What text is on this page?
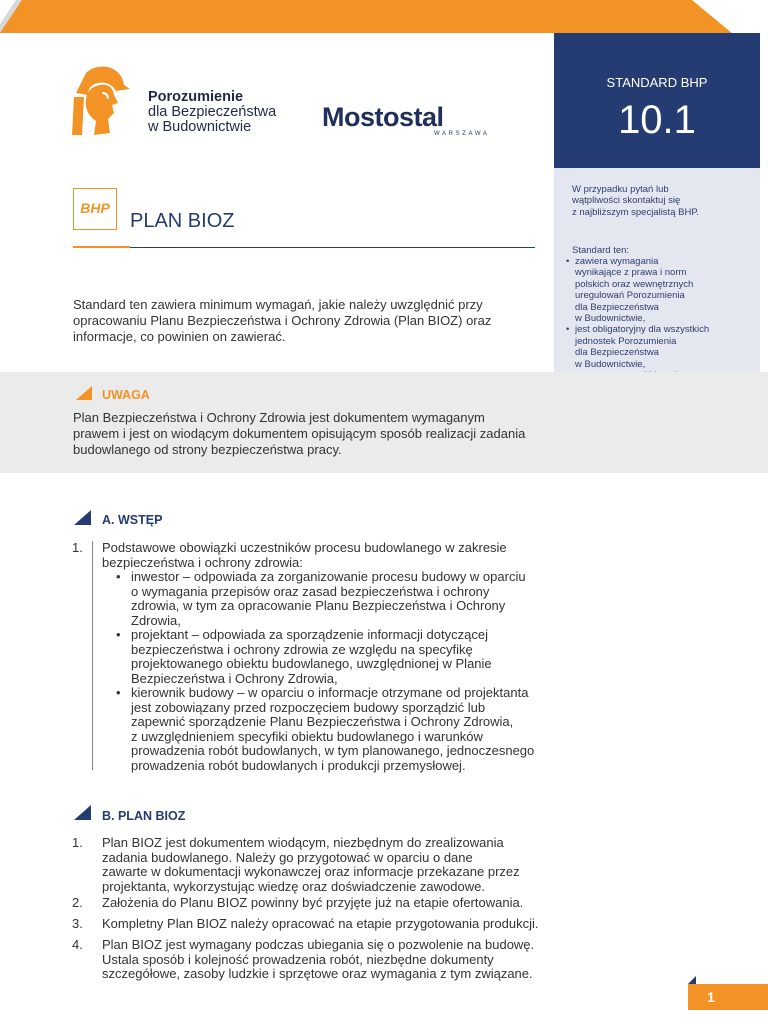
Porozumienie
dla Bezpieczeństwa
w Budownictwie	Mostostal
WARSZAWA
STANDARD BHP
10.1
W przypadku pytań lub
wątpliwości skontaktuj się
z najbliższym specjalistą BHP.
Standard ten:
• zawiera wymagania
wynikające z prawa i norm
polskich oraz wewnętrznych
uregulowań Porozumienia
dla Bezpieczeństwa
w Budownictwie,
• jest obligatoryjny dla wszystkich
jednostek Porozumienia
dla Bezpieczeństwa
w Budownictwie,
•
BHP
PLAN BIOZ
Standard ten zawiera minimum wymagań, jakie należy uwzględnić przy
opracowaniu Planu Bezpieczeństwa i Ochrony Zdrowia (Plan BIOZ) oraz
informacje, co powinien on zawierać.
UWAGA
Plan Bezpieczeństwa i Ochrony Zdrowia jest dokumentem wymaganym
prawem i jest on wiodącym dokumentem opisującym sposób realizacji zadania
budowlanego od strony bezpieczeństwa pracy.
A. WSTĘP
1. Podstawowe obowiązki uczestników procesu budowlanego w zakresie
bezpieczeństwa i ochrony zdrowia:
• inwestor – odpowiada za zorganizowanie procesu budowy w oparciu
o wymagania przepisów oraz zasad bezpieczeństwa i ochrony
zdrowia, w tym za opracowanie Planu Bezpieczeństwa i Ochrony
Zdrowia,
• projektant – odpowiada za sporządzenie informacji dotyczącej
bezpieczeństwa i ochrony zdrowia ze względu na specyfikę
projektowanego obiektu budowlanego, uwzględnionej w Planie
Bezpieczeństwa i Ochrony Zdrowia,
• kierownik budowy – w oparciu o informacje otrzymane od projektanta
jest zobowiązany przed rozpoczęciem budowy sporządzić lub
zapewnić sporządzenie Planu Bezpieczeństwa i Ochrony Zdrowia,
z uwzględnieniem specyfiki obiektu budowlanego i warunków
prowadzenia robót budowlanych, w tym planowanego, jednoczesnego
prowadzenia robót budowlanych i produkcji przemysłowej.
B. PLAN BIOZ
1. Plan BIOZ jest dokumentem wiodącym, niezbędnym do zrealizowania
zadania budowlanego. Należy go przygotować w oparciu o dane
zawarte w dokumentacji wykonawczej oraz informacje przekazane przez
projektanta, wykorzystując wiedzę oraz doświadczenie zawodowe.
2. Założenia do Planu BIOZ powinny być przyjęte już na etapie ofertowania.
3. Kompletny Plan BIOZ należy opracować na etapie przygotowania produkcji.
4. Plan BIOZ jest wymagany podczas ubiegania się o pozwolenie na budowę.
Ustala sposób i kolejność prowadzenia robót, niezbędne dokumenty
szczegółowe, zasoby ludzkie i sprzętowe oraz wymagania z tym związane.
1
